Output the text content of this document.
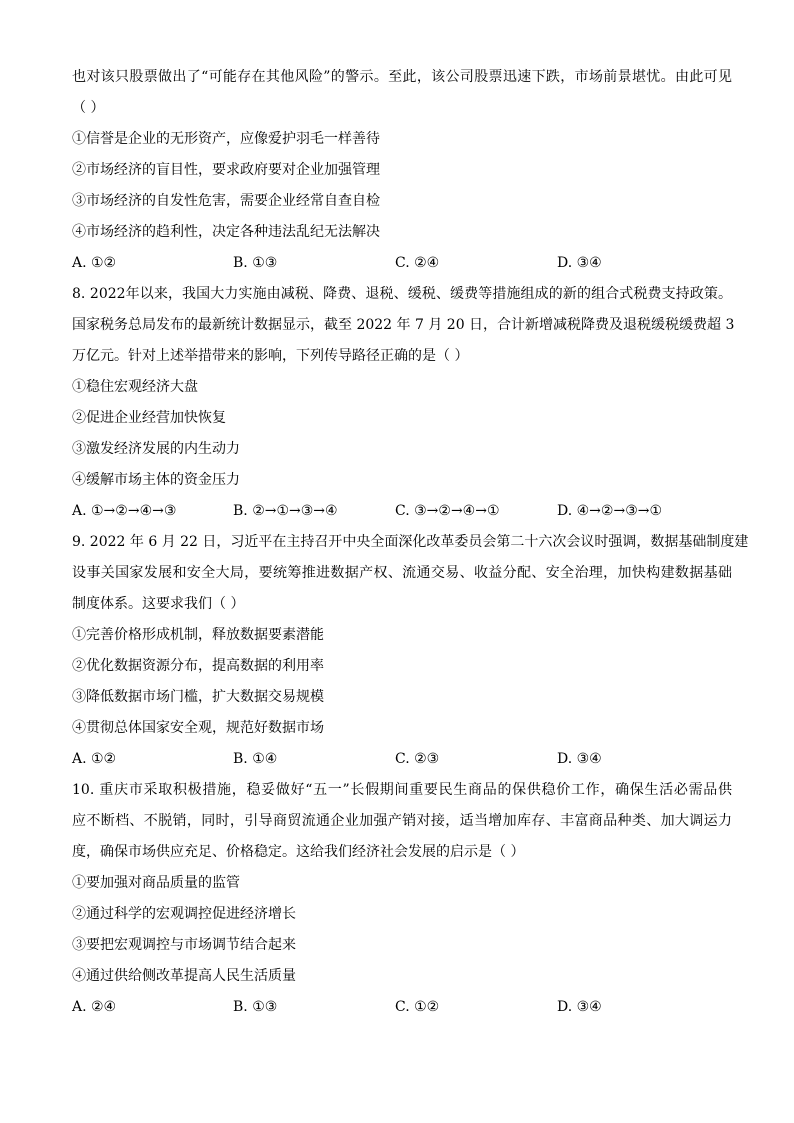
也对该只股票做出了“可能存在其他风险”的警示。至此，该公司股票迅速下跌，市场前景堪忧。由此可见
（ ）
①信誉是企业的无形资产，应像爱护羽毛一样善待
②市场经济的盲目性，要求政府要对企业加强管理
③市场经济的自发性危害，需要企业经常自查自检
④市场经济的趋利性，决定各种违法乱纪无法解决
A. ①②	B. ①③	C. ②④	D. ③④
8. 2022年以来，我国大力实施由减税、降费、退税、缓税、缓费等措施组成的新的组合式税费支持政策。
国家税务总局发布的最新统计数据显示，截至 2022 年 7 月 20 日，合计新增减税降费及退税缓税缓费超 3
万亿元。针对上述举措带来的影响，下列传导路径正确的是（ ）
①稳住宏观经济大盘
②促进企业经营加快恢复
③激发经济发展的内生动力
④缓解市场主体的资金压力
A. ①→②→④→③	B. ②→①→③→④	C. ③→②→④→①	D. ④→②→③→①
9. 2022 年 6 月 22 日，习近平在主持召开中央全面深化改革委员会第二十六次会议时强调，数据基础制度建
设事关国家发展和安全大局，要统筹推进数据产权、流通交易、收益分配、安全治理，加快构建数据基础
制度体系。这要求我们（ ）
①完善价格形成机制，释放数据要素潜能
②优化数据资源分布，提高数据的利用率
③降低数据市场门槛，扩大数据交易规模
④贯彻总体国家安全观，规范好数据市场
A. ①②	B. ①④	C. ②③	D. ③④
10. 重庆市采取积极措施，稳妥做好“五一”长假期间重要民生商品的保供稳价工作，确保生活必需品供
应不断档、不脱销，同时，引导商贸流通企业加强产销对接，适当增加库存、丰富商品种类、加大调运力
度，确保市场供应充足、价格稳定。这给我们经济社会发展的启示是（ ）
①要加强对商品质量的监管
②通过科学的宏观调控促进经济增长
③要把宏观调控与市场调节结合起来
④通过供给侧改革提高人民生活质量
A. ②④	B. ①③	C. ①②	D. ③④
